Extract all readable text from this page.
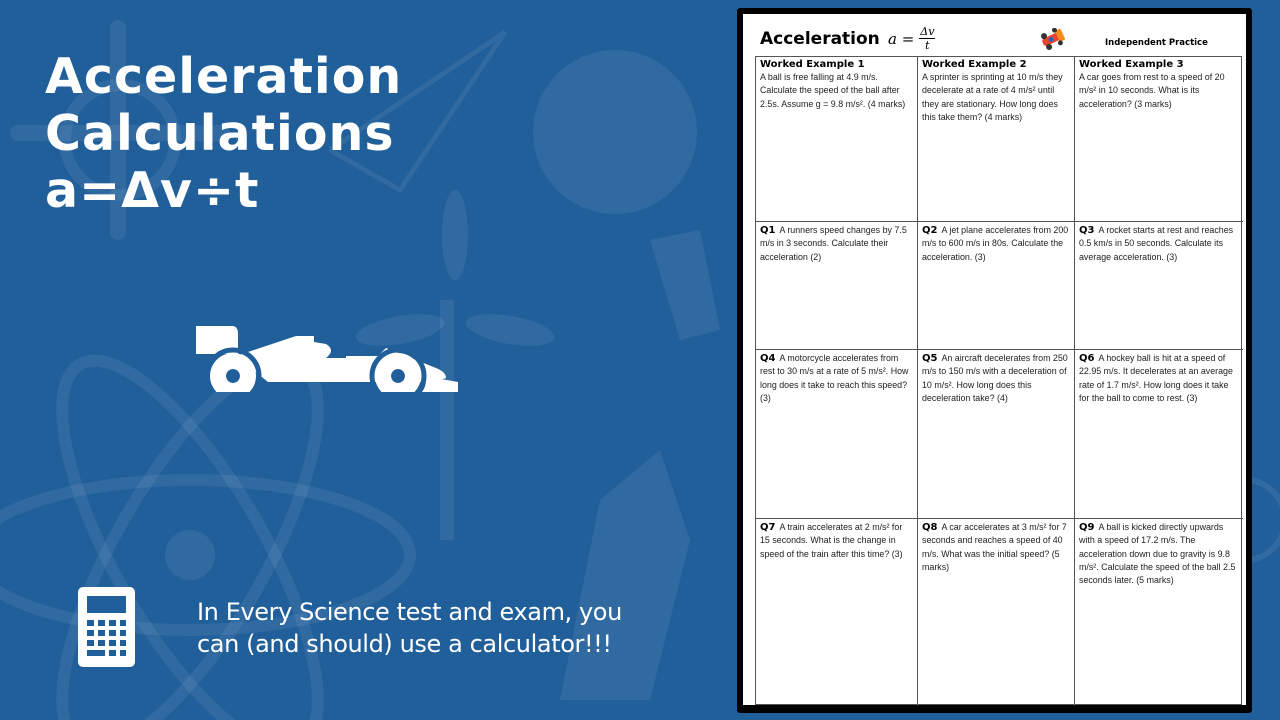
Acceleration
Calculations
a=Δv÷t
In Every Science test and exam, you
can (and should) use a calculator!!!
Acceleration $a = \frac{\Delta v}{t}$	Independent Practice
Worked Example 1
A ball is free falling at 4.9 m/s. Calculate the speed of the ball after 2.5s. Assume g = 9.8 m/s². (4 marks)
Worked Example 2
A sprinter is sprinting at 10 m/s they decelerate at a rate of 4 m/s² until they are stationary. How long does this take them? (4 marks)
Worked Example 3
A car goes from rest to a speed of 20 m/s² in 10 seconds. What is its acceleration? (3 marks)
Q1 A runners speed changes by 7.5 m/s in 3 seconds. Calculate their acceleration (2)
Q2 A jet plane accelerates from 200 m/s to 600 m/s in 80s. Calculate the acceleration. (3)
Q3 A rocket starts at rest and reaches 0.5 km/s in 50 seconds. Calculate its average acceleration. (3)
Q4 A motorcycle accelerates from rest to 30 m/s at a rate of 5 m/s². How long does it take to reach this speed? (3)
Q5 An aircraft decelerates from 250 m/s to 150 m/s with a deceleration of 10 m/s². How long does this deceleration take? (4)
Q6 A hockey ball is hit at a speed of 22.95 m/s. It decelerates at an average rate of 1.7 m/s². How long does it take for the ball to come to rest. (3)
Q7 A train accelerates at 2 m/s² for 15 seconds. What is the change in speed of the train after this time? (3)
Q8 A car accelerates at 3 m/s² for 7 seconds and reaches a speed of 40 m/s. What was the initial speed? (5 marks)
Q9 A ball is kicked directly upwards with a speed of 17.2 m/s. The acceleration down due to gravity is 9.8 m/s². Calculate the speed of the ball 2.5 seconds later. (5 marks)
